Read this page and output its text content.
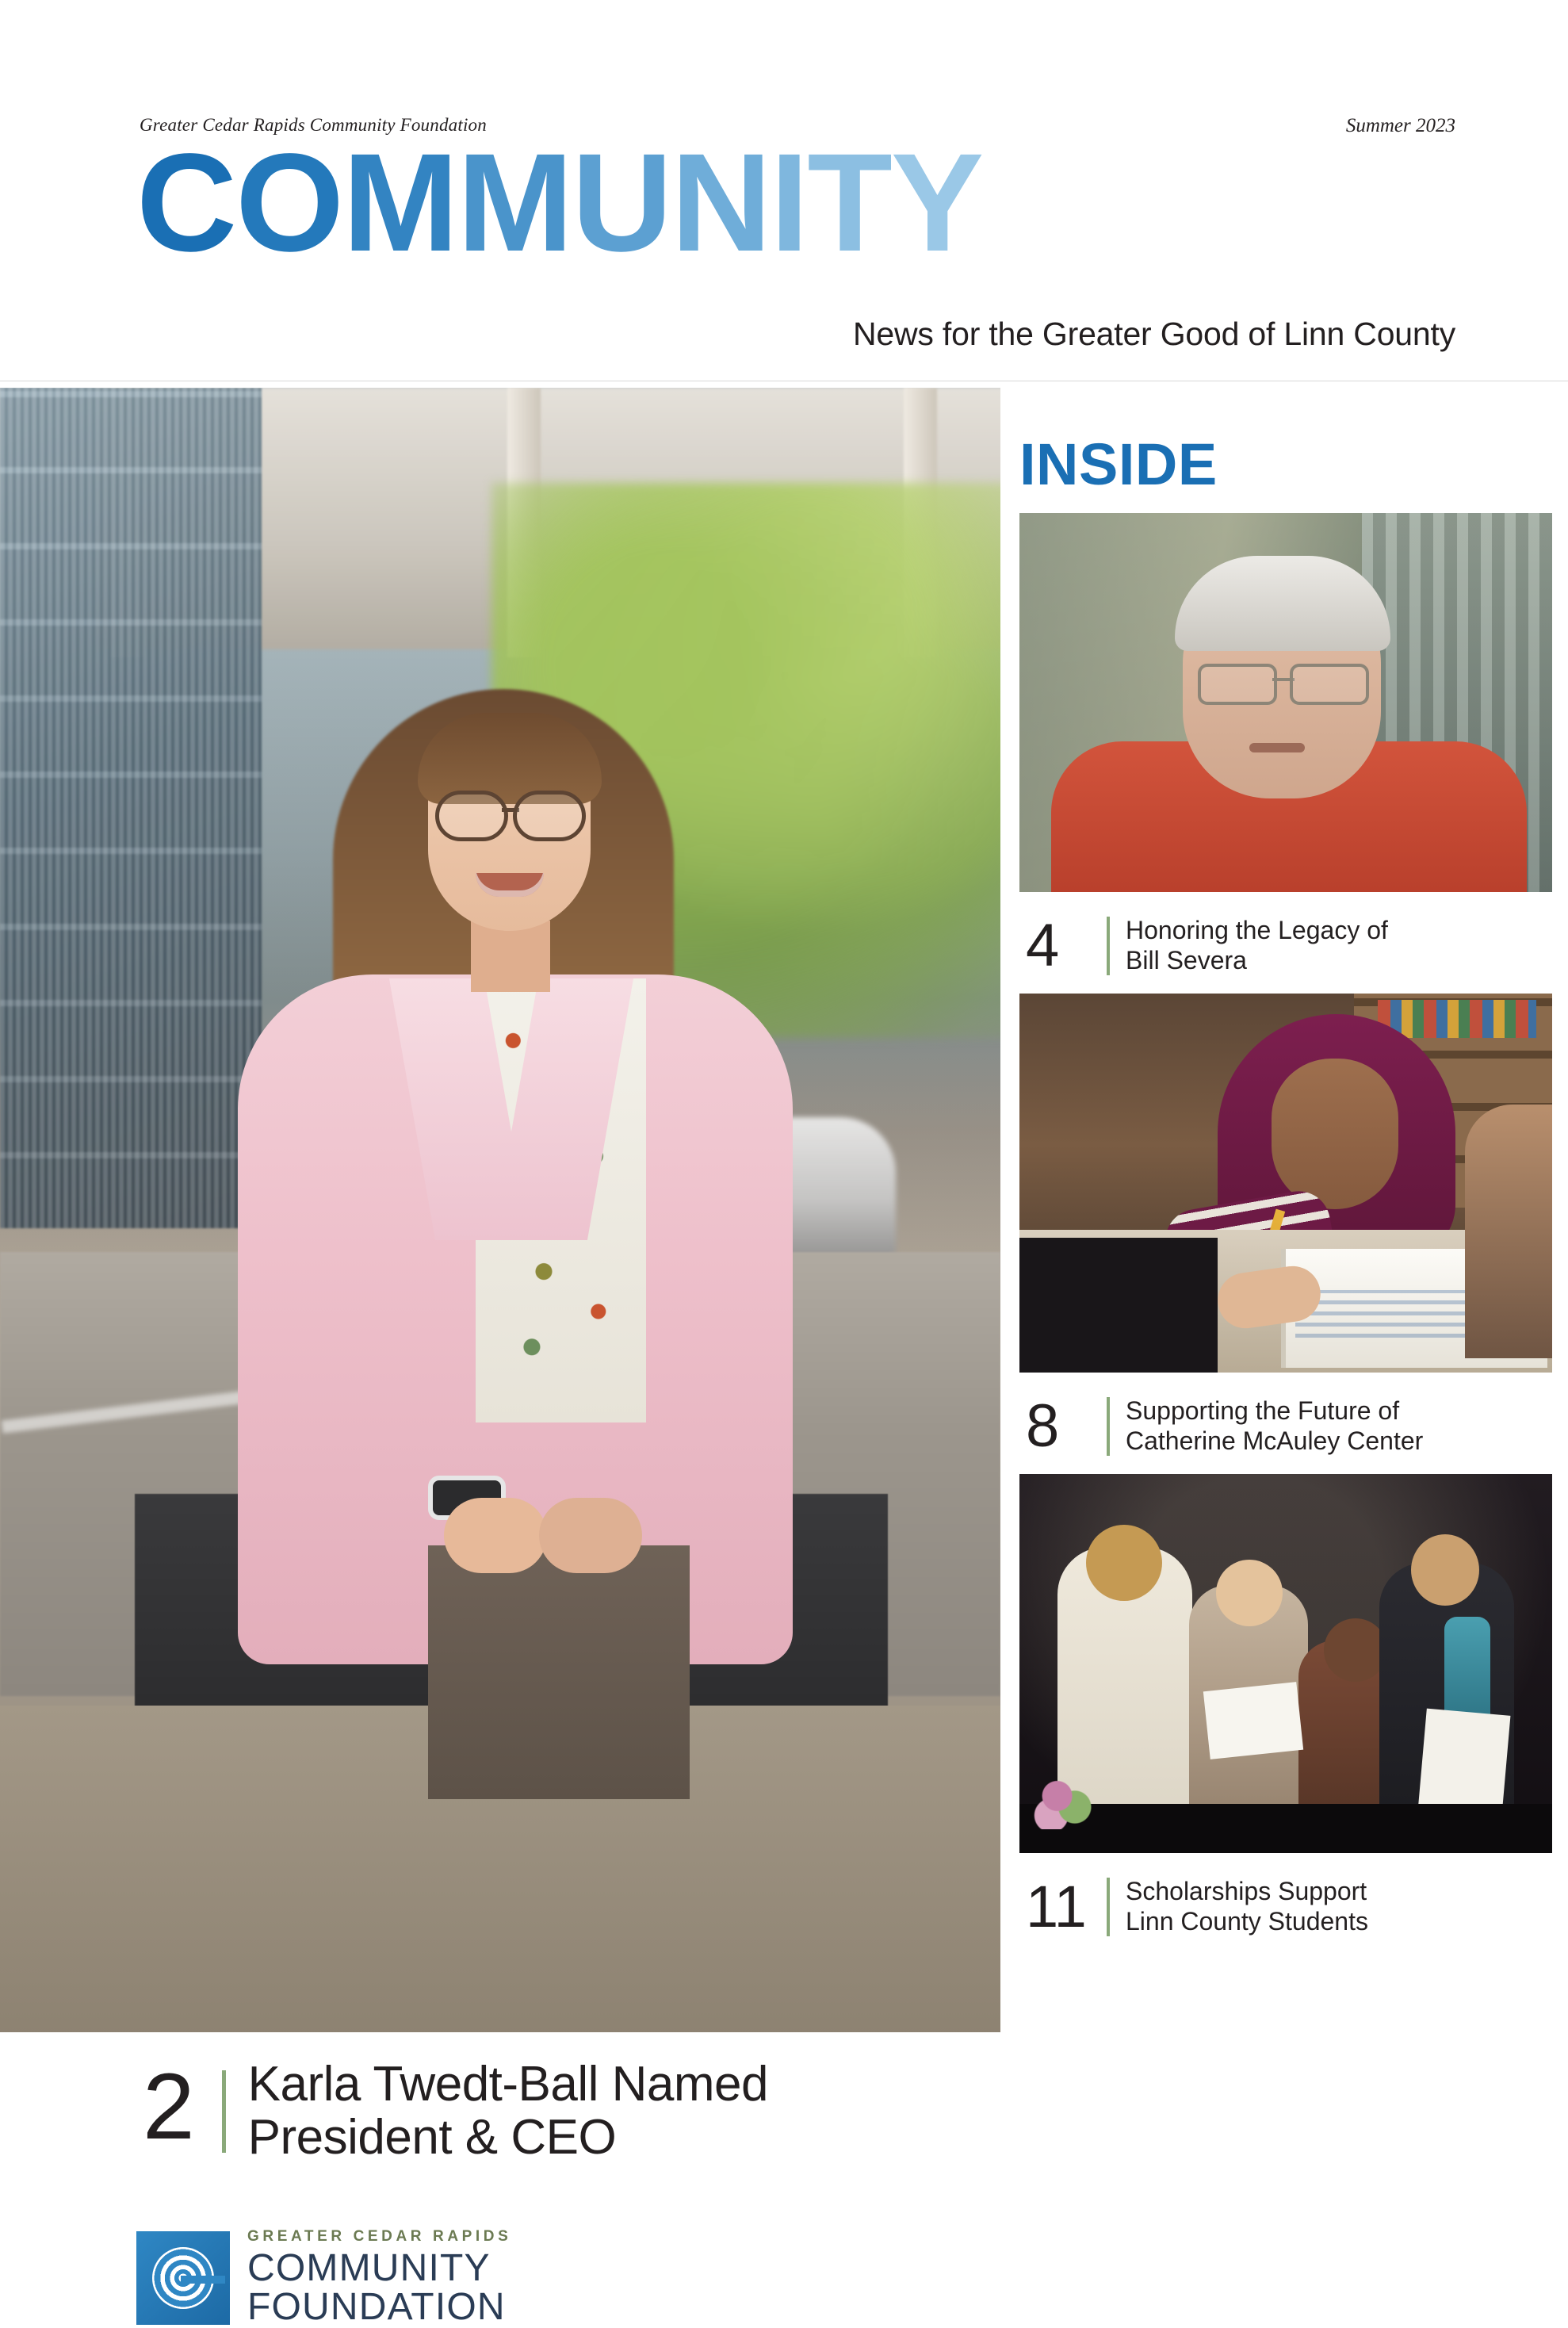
Greater Cedar Rapids Community Foundation	Summer 2023
COMMUNITY
News for the Greater Good of Linn County
2 Karla Twedt-Ball Named
President & CEO
GREATER CEDAR RAPIDS
COMMUNITY
FOUNDATION
INSIDE
4	Honoring the Legacy of
Bill Severa
8	Supporting the Future of
Catherine McAuley Center
11	Scholarships Support
Linn County Students
